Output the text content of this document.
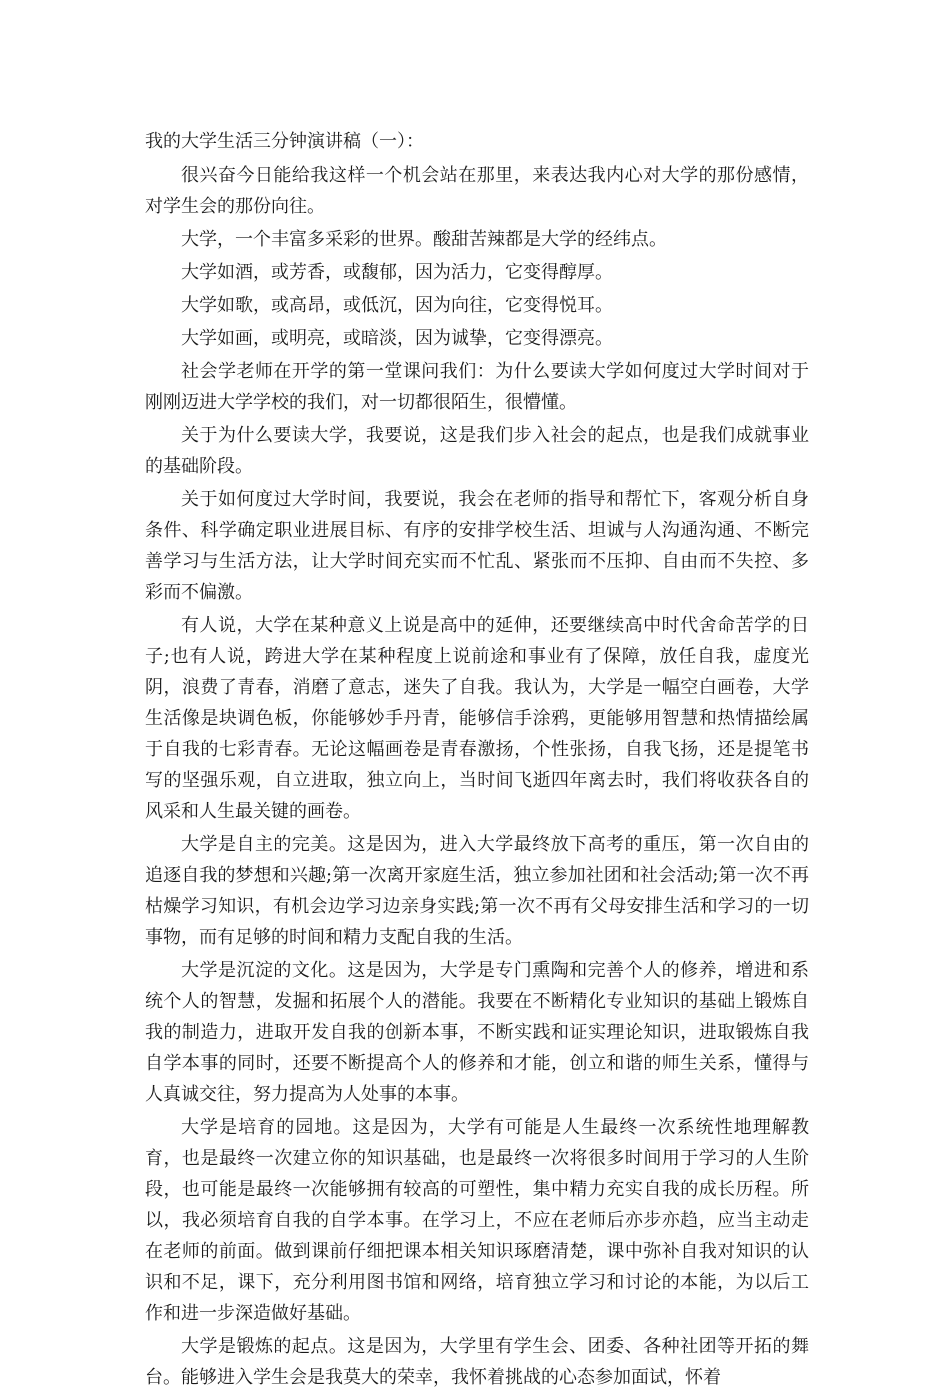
我的大学生活三分钟演讲稿（一）：

很兴奋今日能给我这样一个机会站在那里，来表达我内心对大学的那份感情，对学生会的那份向往。

大学，一个丰富多采彩的世界。酸甜苦辣都是大学的经纬点。

大学如酒，或芳香，或馥郁，因为活力，它变得醇厚。

大学如歌，或高昂，或低沉，因为向往，它变得悦耳。

大学如画，或明亮，或暗淡，因为诚挚，它变得漂亮。

社会学老师在开学的第一堂课问我们：为什么要读大学如何度过大学时间对于刚刚迈进大学学校的我们，对一切都很陌生，很懵懂。

关于为什么要读大学，我要说，这是我们步入社会的起点，也是我们成就事业的基础阶段。

关于如何度过大学时间，我要说，我会在老师的指导和帮忙下，客观分析自身条件、科学确定职业进展目标、有序的安排学校生活、坦诚与人沟通沟通、不断完善学习与生活方法，让大学时间充实而不忙乱、紧张而不压抑、自由而不失控、多彩而不偏激。

有人说，大学在某种意义上说是高中的延伸，还要继续高中时代舍命苦学的日子;也有人说，跨进大学在某种程度上说前途和事业有了保障，放任自我，虚度光阴，浪费了青春，消磨了意志，迷失了自我。我认为，大学是一幅空白画卷，大学生活像是块调色板，你能够妙手丹青，能够信手涂鸦，更能够用智慧和热情描绘属于自我的七彩青春。无论这幅画卷是青春激扬，个性张扬，自我飞扬，还是提笔书写的坚强乐观，自立进取，独立向上，当时间飞逝四年离去时，我们将收获各自的风采和人生最关键的画卷。

大学是自主的完美。这是因为，进入大学最终放下高考的重压，第一次自由的追逐自我的梦想和兴趣;第一次离开家庭生活，独立参加社团和社会活动;第一次不再枯燥学习知识，有机会边学习边亲身实践;第一次不再有父母安排生活和学习的一切事物，而有足够的时间和精力支配自我的生活。

大学是沉淀的文化。这是因为，大学是专门熏陶和完善个人的修养，增进和系统个人的智慧，发掘和拓展个人的潜能。我要在不断精化专业知识的基础上锻炼自我的制造力，进取开发自我的创新本事，不断实践和证实理论知识，进取锻炼自我自学本事的同时，还要不断提高个人的修养和才能，创立和谐的师生关系，懂得与人真诚交往，努力提高为人处事的本事。

大学是培育的园地。这是因为，大学有可能是人生最终一次系统性地理解教育，也是最终一次建立你的知识基础，也是最终一次将很多时间用于学习的人生阶段，也可能是最终一次能够拥有较高的可塑性，集中精力充实自我的成长历程。所以，我必须培育自我的自学本事。在学习上，不应在老师后亦步亦趋，应当主动走在老师的前面。做到课前仔细把课本相关知识琢磨清楚，课中弥补自我对知识的认识和不足，课下，充分利用图书馆和网络，培育独立学习和讨论的本能，为以后工作和进一步深造做好基础。

大学是锻炼的起点。这是因为，大学里有学生会、团委、各种社团等开拓的舞台。能够进入学生会是我莫大的荣幸，我怀着挑战的心态参加面试，怀着
